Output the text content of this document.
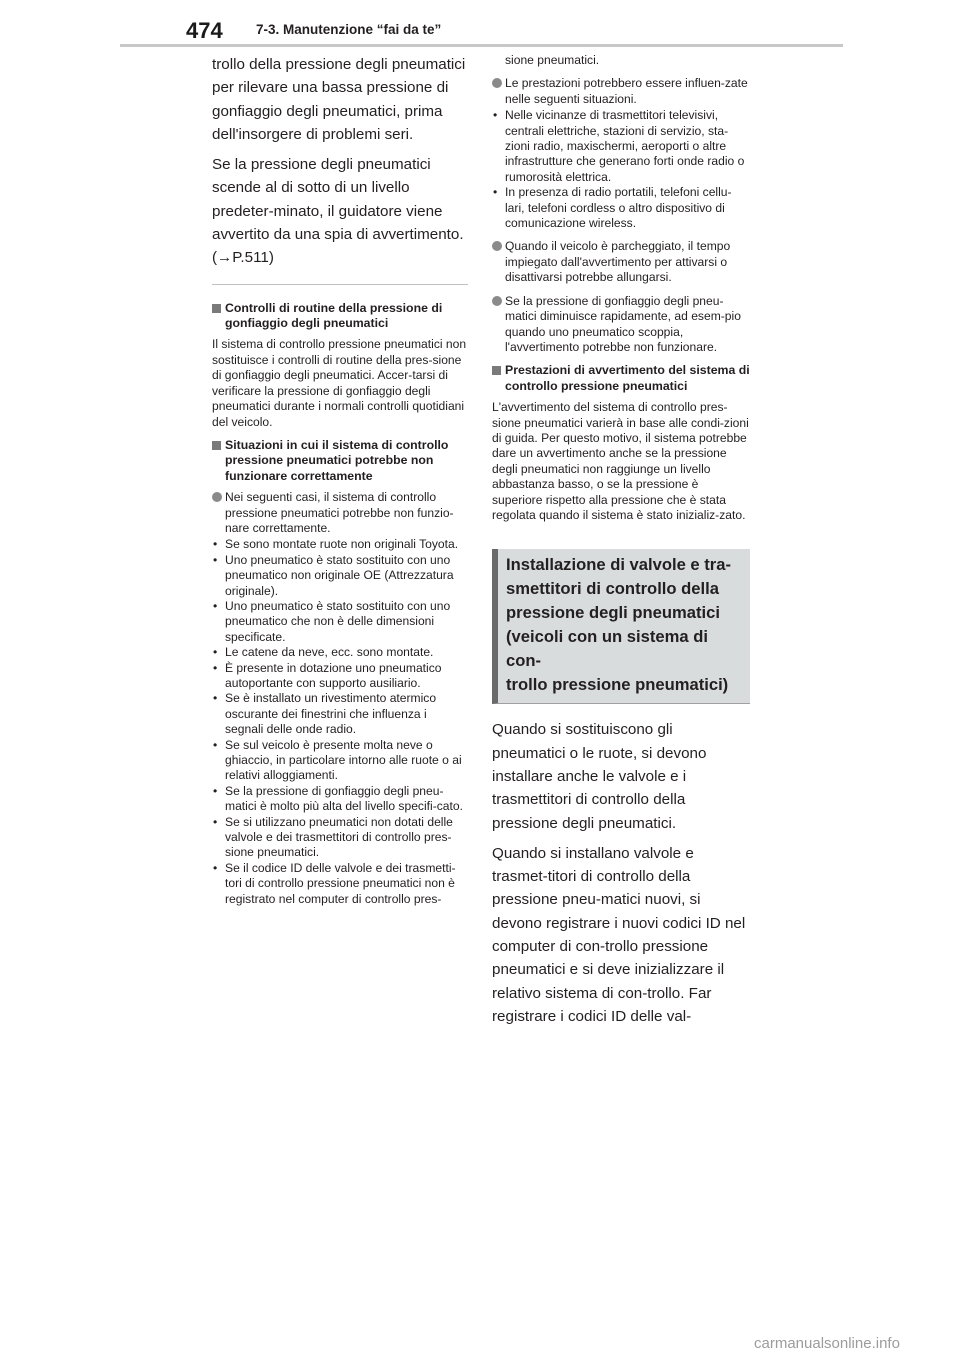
474 7-3. Manutenzione “fai da te”

trollo della pressione degli pneumatici per rilevare una bassa pressione di gonfiaggio degli pneumatici, prima dell'insorgere di problemi seri.

Se la pressione degli pneumatici scende al di sotto di un livello predeter-minato, il guidatore viene avvertito da una spia di avvertimento. (→P.511)

Controlli di routine della pressione di gonfiaggio degli pneumatici

Il sistema di controllo pressione pneumatici non sostituisce i controlli di routine della pres-sione di gonfiaggio degli pneumatici. Accer-tarsi di verificare la pressione di gonfiaggio degli pneumatici durante i normali controlli quotidiani del veicolo.

Situazioni in cui il sistema di controllo pressione pneumatici potrebbe non funzionare correttamente
Nei seguenti casi, il sistema di controllo pressione pneumatici potrebbe non funzio-nare correttamente.
• Se sono montate ruote non originali Toyota.
• Uno pneumatico è stato sostituito con uno pneumatico non originale OE (Attrezzatura originale).
• Uno pneumatico è stato sostituito con uno pneumatico che non è delle dimensioni specificate.
• Le catene da neve, ecc. sono montate.
• È presente in dotazione uno pneumatico autoportante con supporto ausiliario.
• Se è installato un rivestimento atermico oscurante dei finestrini che influenza i segnali delle onde radio.
• Se sul veicolo è presente molta neve o ghiaccio, in particolare intorno alle ruote o ai relativi alloggiamenti.
• Se la pressione di gonfiaggio degli pneu-matici è molto più alta del livello specifi-cato.
• Se si utilizzano pneumatici non dotati delle valvole e dei trasmettitori di controllo pres-sione pneumatici.
• Se il codice ID delle valvole e dei trasmetti-tori di controllo pressione pneumatici non è registrato nel computer di controllo pres-

sione pneumatici.

Le prestazioni potrebbero essere influen-zate nelle seguenti situazioni.
• Nelle vicinanze di trasmettitori televisivi, centrali elettriche, stazioni di servizio, sta-zioni radio, maxischermi, aeroporti o altre infrastrutture che generano forti onde radio o rumorosità elettrica.
• In presenza di radio portatili, telefoni cellu-lari, telefoni cordless o altro dispositivo di comunicazione wireless.
Quando il veicolo è parcheggiato, il tempo impiegato dall'avvertimento per attivarsi o disattivarsi potrebbe allungarsi.
Se la pressione di gonfiaggio degli pneu-matici diminuisce rapidamente, ad esem-pio quando uno pneumatico scoppia, l'avvertimento potrebbe non funzionare.
Prestazioni di avvertimento del sistema di controllo pressione pneumatici

L'avvertimento del sistema di controllo pres-sione pneumatici varierà in base alle condi-zioni di guida. Per questo motivo, il sistema potrebbe dare un avvertimento anche se la pressione degli pneumatici non raggiunge un livello abbastanza basso, o se la pressione è superiore rispetto alla pressione che è stata regolata quando il sistema è stato inizializ-zato.

Installazione di valvole e tra-
smettitori di controllo della
pressione degli pneumatici
(veicoli con un sistema di con-
trollo pressione pneumatici)

Quando si sostituiscono gli pneumatici o le ruote, si devono installare anche le valvole e i trasmettitori di controllo della pressione degli pneumatici.

Quando si installano valvole e trasmet-titori di controllo della pressione pneu-matici nuovi, si devono registrare i nuovi codici ID nel computer di con-trollo pressione pneumatici e si deve inizializzare il relativo sistema di con-trollo. Far registrare i codici ID delle val-

carmanualsonline.info
